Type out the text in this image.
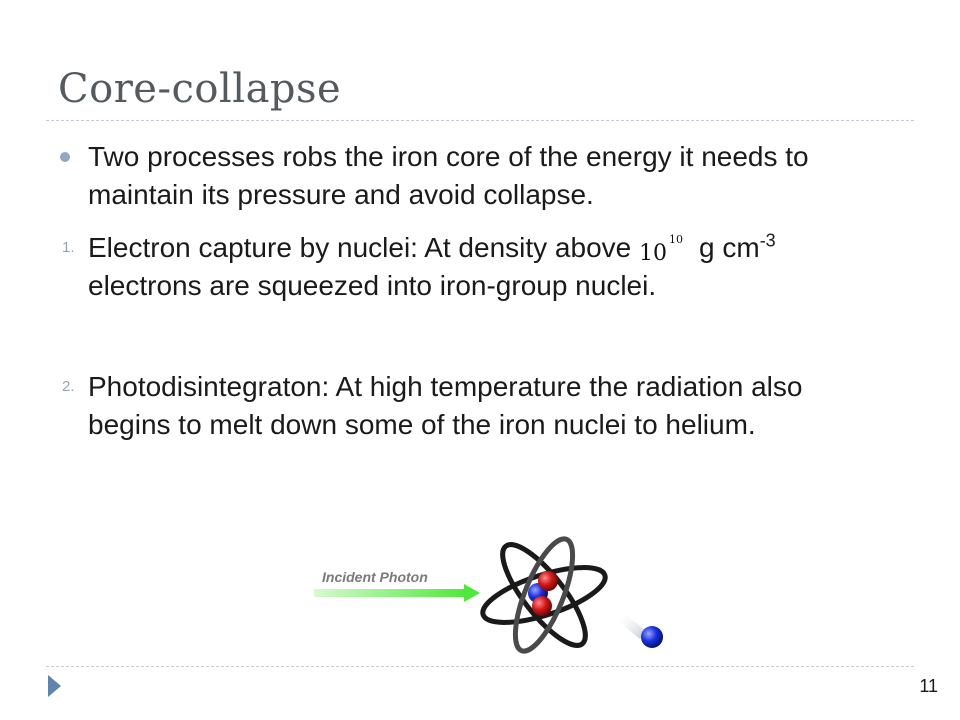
Core-collapse
Two processes robs the iron core of the energy it needs to maintain its pressure and avoid collapse.
1. Electron capture by nuclei: At density above 10
10 g $cm^{-3}$
electrons are squeezed into iron-group nuclei.
2. Photodisintegraton: At high temperature the radiation also begins to melt down some of the iron nuclei to helium.
Incident Photon
11
